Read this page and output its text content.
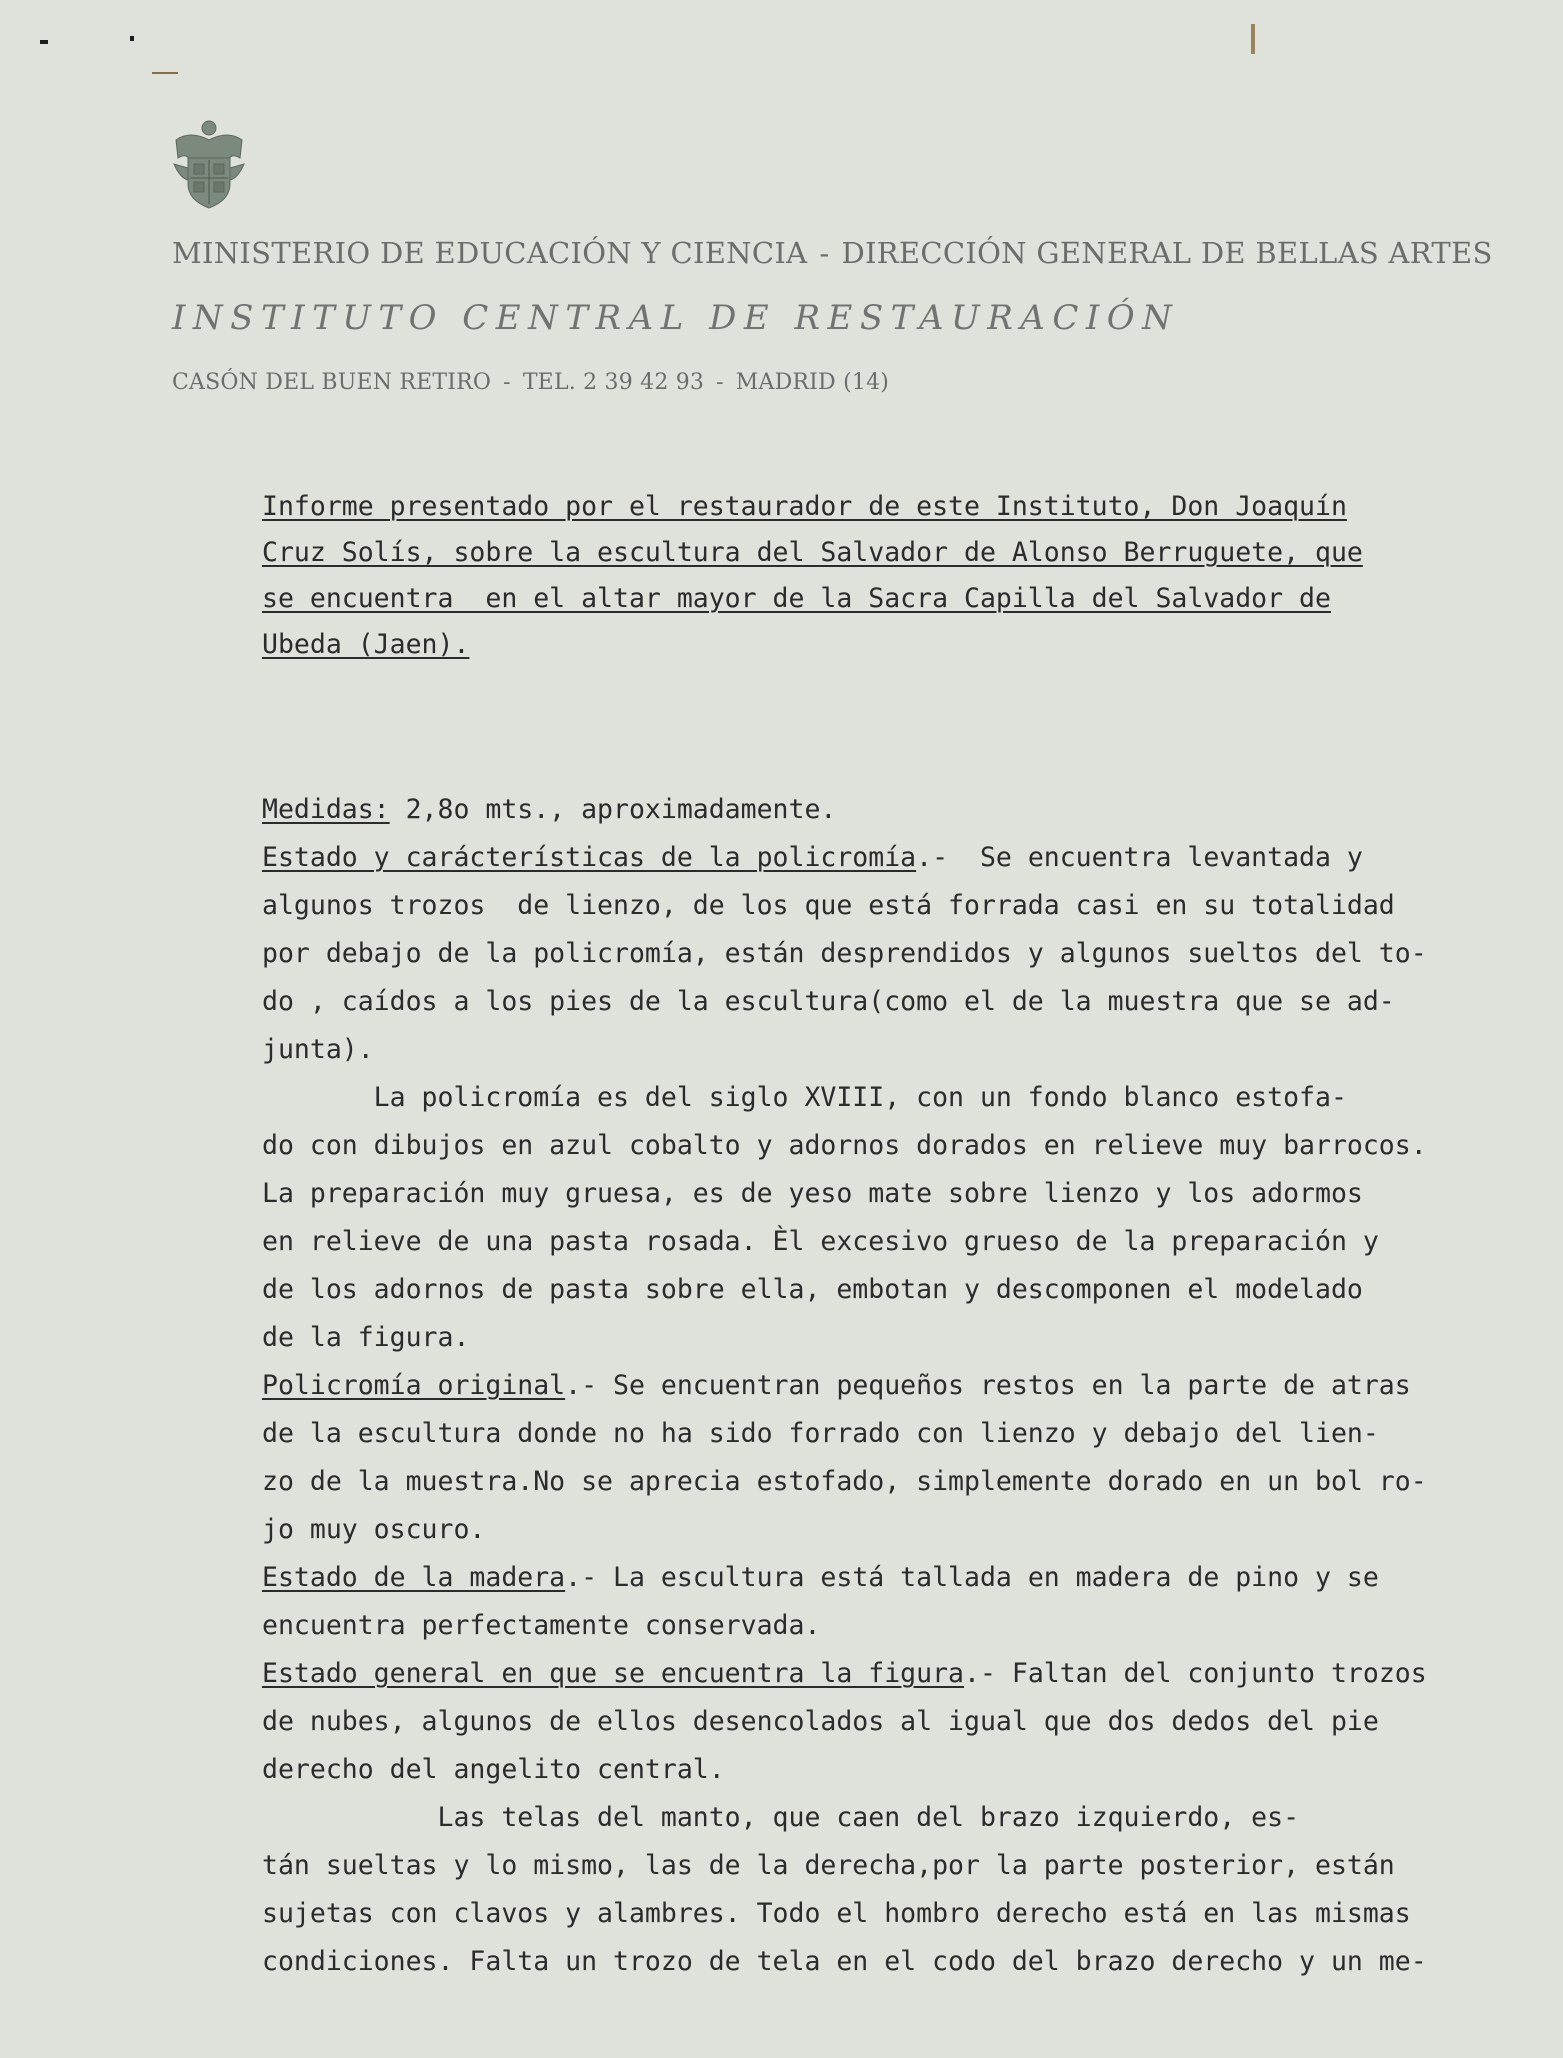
MINISTERIO DE EDUCACIÓN Y CIENCIA - DIRECCIÓN GENERAL DE BELLAS ARTES
INSTITUTO CENTRAL DE RESTAURACIÓN
CASÓN DEL BUEN RETIRO - TEL. 2 39 42 93 - MADRID (14)

Informe presentado por el restaurador de este Instituto, Don Joaquín

Cruz Solís, sobre la escultura del Salvador de Alonso Berruguete, que

se encuentra  en el altar mayor de la Sacra Capilla del Salvador de

Ubeda (Jaen).

Medidas: 2,8o mts., aproximadamente.

Estado y carácterísticas de la policromía.-  Se encuentra levantada y

algunos trozos  de lienzo, de los que está forrada casi en su totalidad

por debajo de la policromía, están desprendidos y algunos sueltos del to-

do , caídos a los pies de la escultura(como el de la muestra que se ad-

junta).

La policromía es del siglo XVIII, con un fondo blanco estofa-

do con dibujos en azul cobalto y adornos dorados en relieve muy barrocos.

La preparación muy gruesa, es de yeso mate sobre lienzo y los adormos

en relieve de una pasta rosada. Èl excesivo grueso de la preparación y

de los adornos de pasta sobre ella, embotan y descomponen el modelado

de la figura.

Policromía original.- Se encuentran pequeños restos en la parte de atras

de la escultura donde no ha sido forrado con lienzo y debajo del lien-

zo de la muestra.No se aprecia estofado, simplemente dorado en un bol ro-

jo muy oscuro.

Estado de la madera.- La escultura está tallada en madera de pino y se

encuentra perfectamente conservada.

Estado general en que se encuentra la figura.- Faltan del conjunto trozos

de nubes, algunos de ellos desencolados al igual que dos dedos del pie

derecho del angelito central.

Las telas del manto, que caen del brazo izquierdo, es-

tán sueltas y lo mismo, las de la derecha,por la parte posterior, están

sujetas con clavos y alambres. Todo el hombro derecho está en las mismas

condiciones. Falta un trozo de tela en el codo del brazo derecho y un me-
